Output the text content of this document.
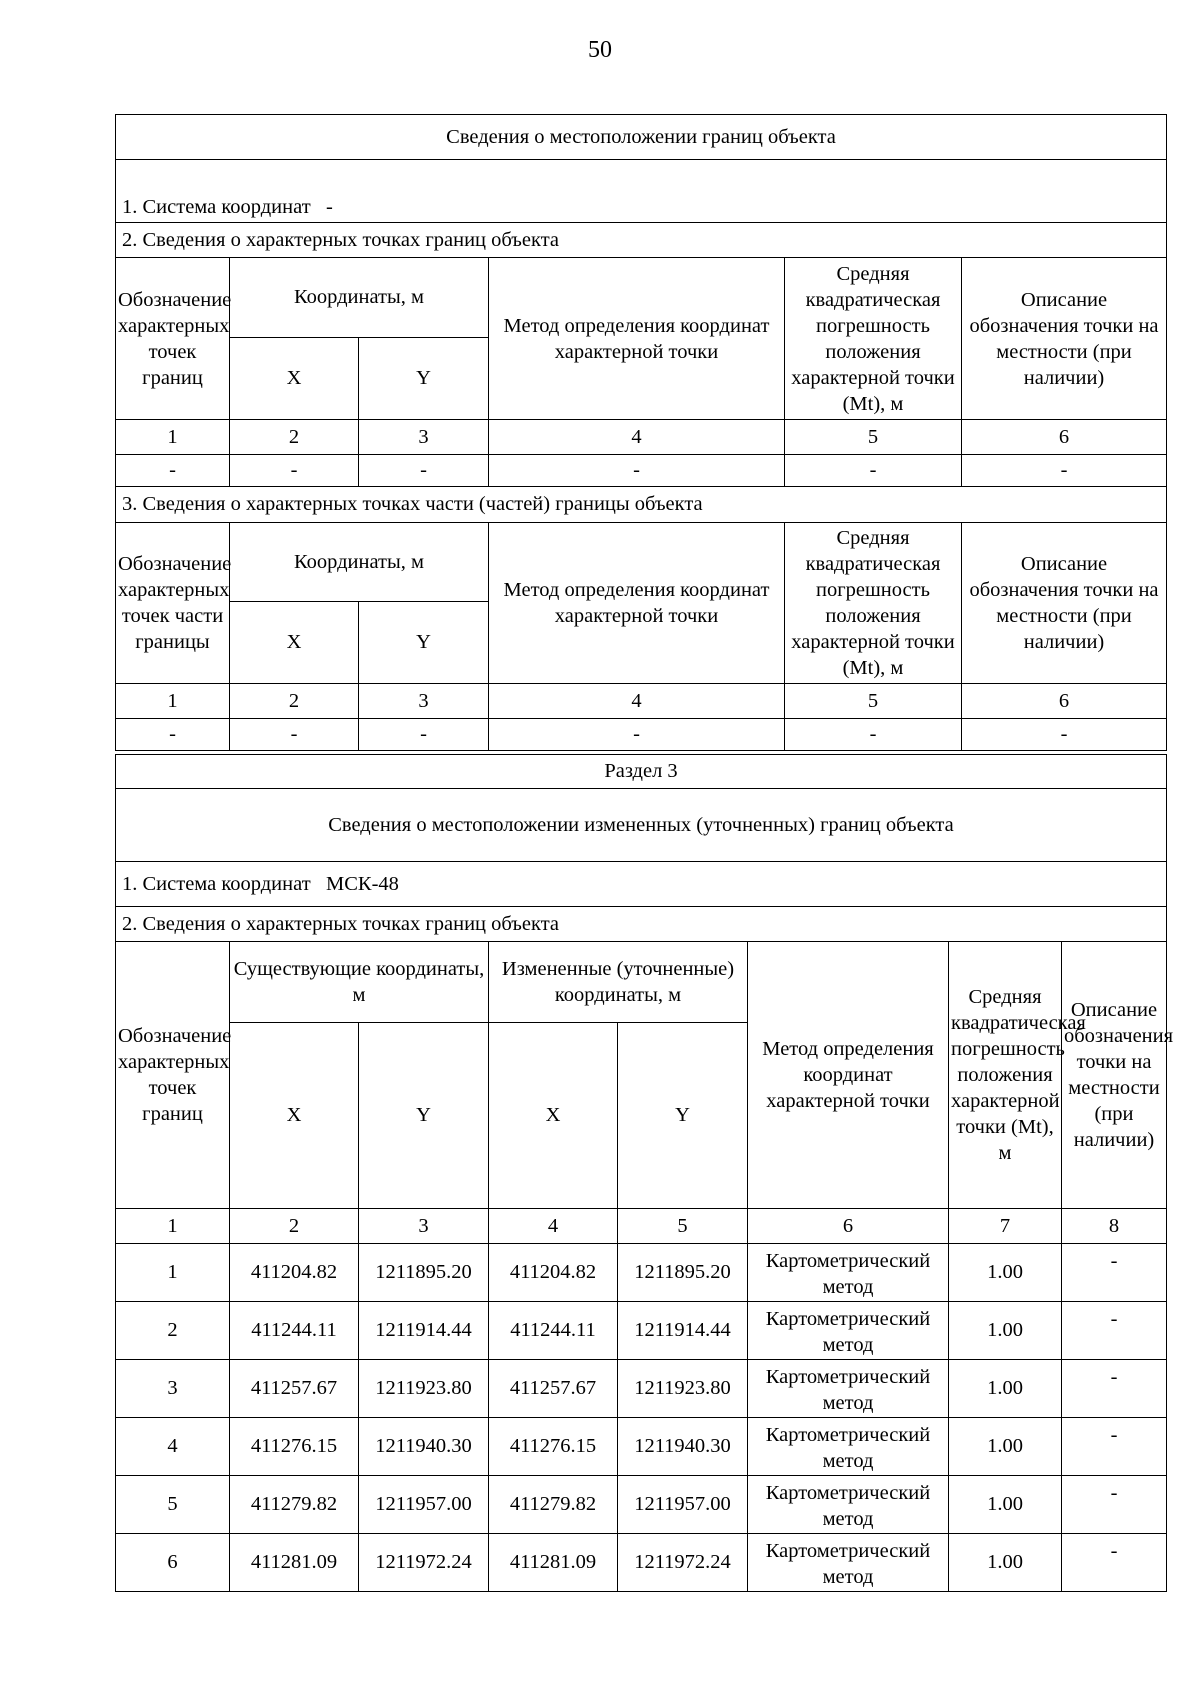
50
Сведения о местоположении границ объекта					
1. Система координат -					
2. Сведения о характерных точках границ объекта					
Обозначение характерных точек границ	Координаты, м		Метод определения координат характерной точки	Средняя квадратическая погрешность положения характерной точки (Mt), м	Описание обозначения точки на местности (при наличии)
	X	Y			
1	2	3	4	5	6
-	-	-	-	-	-
3. Сведения о характерных точках части (частей) границы объекта					
Обозначение характерных точек части границы	Координаты, м		Метод определения координат характерной точки	Средняя квадратическая погрешность положения характерной точки (Mt), м	Описание обозначения точки на местности (при наличии)
	X	Y			
1	2	3	4	5	6
-	-	-	-	-	-
Раздел 3							
Сведения о местоположении измененных (уточненных) границ объекта							
1. Система координат МСК-48							
2. Сведения о характерных точках границ объекта							
Обозначение характерных точек границ	Существующие координаты, м		Измененные (уточненные) координаты, м		Метод определения координат характерной точки	Средняя квадратическая погрешность положения характерной точки (Mt), м	Описание обозначения точки на местности (при наличии)
	X	Y	X	Y			
1	2	3	4	5	6	7	8
1	411204.82	1211895.20	411204.82	1211895.20	Картометрический метод	1.00	-
2	411244.11	1211914.44	411244.11	1211914.44	Картометрический метод	1.00	-
3	411257.67	1211923.80	411257.67	1211923.80	Картометрический метод	1.00	-
4	411276.15	1211940.30	411276.15	1211940.30	Картометрический метод	1.00	-
5	411279.82	1211957.00	411279.82	1211957.00	Картометрический метод	1.00	-
6	411281.09	1211972.24	411281.09	1211972.24	Картометрический метод	1.00	-
